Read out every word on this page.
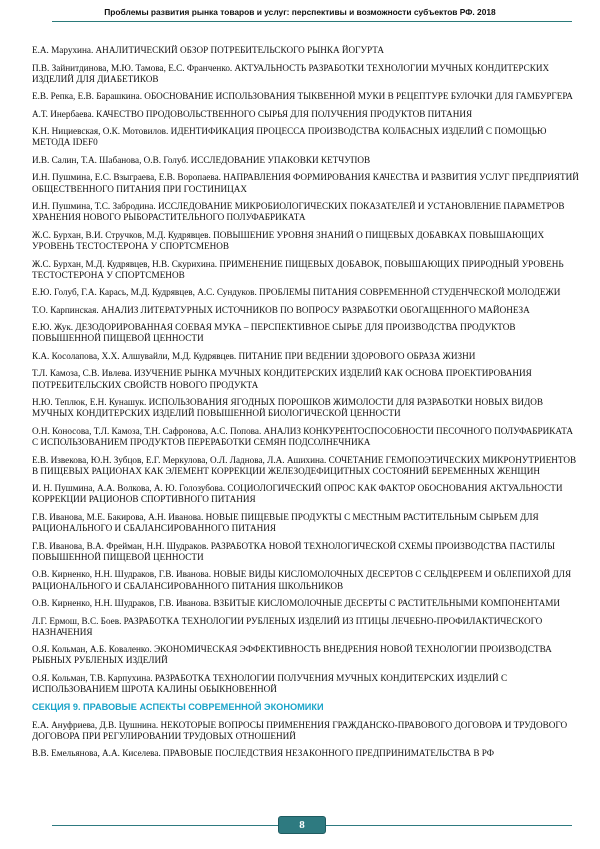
Проблемы развития рынка товаров и услуг: перспективы и возможности субъектов РФ. 2018
Е.А. Марухина. АНАЛИТИЧЕСКИЙ ОБЗОР ПОТРЕБИТЕЛЬСКОГО РЫНКА ЙОГУРТА
П.В. Зайнитдинова, М.Ю. Тамова, Е.С. Франченко. АКТУАЛЬНОСТЬ РАЗРАБОТКИ ТЕХНОЛОГИИ МУЧНЫХ КОНДИТЕРСКИХ ИЗДЕЛИЙ ДЛЯ ДИАБЕТИКОВ
Е.В. Репка, Е.В. Барашкина. ОБОСНОВАНИЕ ИСПОЛЬЗОВАНИЯ ТЫКВЕННОЙ МУКИ В РЕЦЕПТУРЕ БУЛОЧКИ ДЛЯ ГАМБУРГЕРА
А.Т. Инербаева. КАЧЕСТВО ПРОДОВОЛЬСТВЕННОГО СЫРЬЯ ДЛЯ ПОЛУЧЕНИЯ ПРОДУКТОВ ПИТАНИЯ
К.Н. Нициевская, О.К. Мотовилов. ИДЕНТИФИКАЦИЯ ПРОЦЕССА ПРОИЗВОДСТВА КОЛБАСНЫХ ИЗДЕЛИЙ С ПОМОЩЬЮ МЕТОДА IDEF0
И.В. Салин, Т.А. Шабанова, О.В. Голуб. ИССЛЕДОВАНИЕ УПАКОВКИ КЕТЧУПОВ
И.Н. Пушмина, Е.С. Взыграева, Е.В. Воропаева. НАПРАВЛЕНИЯ ФОРМИРОВАНИЯ КАЧЕСТВА И РАЗВИТИЯ УСЛУГ ПРЕДПРИЯТИЙ ОБЩЕСТВЕННОГО ПИТАНИЯ ПРИ ГОСТИНИЦАХ
И.Н. Пушмина, Т.С. Забродина. ИССЛЕДОВАНИЕ МИКРОБИОЛОГИЧЕСКИХ ПОКАЗАТЕЛЕЙ И УСТАНОВЛЕНИЕ ПАРАМЕТРОВ ХРАНЕНИЯ НОВОГО РЫБОРАСТИТЕЛЬНОГО ПОЛУФАБРИКАТА
Ж.С. Бурхан, В.И. Стручков, М.Д. Кудрявцев. ПОВЫШЕНИЕ УРОВНЯ ЗНАНИЙ О ПИЩЕВЫХ ДОБАВКАХ ПОВЫШАЮЩИХ УРОВЕНЬ ТЕСТОСТЕРОНА У СПОРТСМЕНОВ
Ж.С. Бурхан, М.Д. Кудрявцев, Н.В. Скурихина. ПРИМЕНЕНИЕ ПИЩЕВЫХ ДОБАВОК, ПОВЫШАЮЩИХ ПРИРОДНЫЙ УРОВЕНЬ ТЕСТОСТЕРОНА У СПОРТСМЕНОВ
Е.Ю. Голуб, Г.А. Карась, М.Д. Кудрявцев, А.С. Сундуков. ПРОБЛЕМЫ ПИТАНИЯ СОВРЕМЕННОЙ СТУДЕНЧЕСКОЙ МОЛОДЕЖИ
Т.О. Карпинская. АНАЛИЗ ЛИТЕРАТУРНЫХ ИСТОЧНИКОВ ПО ВОПРОСУ РАЗРАБОТКИ ОБОГАЩЕННОГО МАЙОНЕЗА
Е.Ю. Жук. ДЕЗОДОРИРОВАННАЯ СОЕВАЯ МУКА – ПЕРСПЕКТИВНОЕ СЫРЬЕ ДЛЯ ПРОИЗВОДСТВА ПРОДУКТОВ ПОВЫШЕННОЙ ПИЩЕВОЙ ЦЕННОСТИ
К.А. Косолапова, Х.Х. Алшувайли, М.Д. Кудрявцев. ПИТАНИЕ ПРИ ВЕДЕНИИ ЗДОРОВОГО ОБРАЗА ЖИЗНИ
Т.Л. Камоза, С.В. Ивлева. ИЗУЧЕНИЕ РЫНКА МУЧНЫХ КОНДИТЕРСКИХ ИЗДЕЛИЙ КАК ОСНОВА ПРОЕКТИРОВАНИЯ ПОТРЕБИТЕЛЬСКИХ СВОЙСТВ НОВОГО ПРОДУКТА
Н.Ю. Теплюк, Е.Н. Кунашук. ИСПОЛЬЗОВАНИЯ ЯГОДНЫХ ПОРОШКОВ ЖИМОЛОСТИ ДЛЯ РАЗРАБОТКИ НОВЫХ ВИДОВ МУЧНЫХ КОНДИТЕРСКИХ ИЗДЕЛИЙ ПОВЫШЕННОЙ БИОЛОГИЧЕСКОЙ ЦЕННОСТИ
О.Н. Коносова, Т.Л. Камоза, Т.Н. Сафронова, А.С. Попова. АНАЛИЗ КОНКУРЕНТОСПОСОБНОСТИ ПЕСОЧНОГО ПОЛУФАБРИКАТА С ИСПОЛЬЗОВАНИЕМ ПРОДУКТОВ ПЕРЕРАБОТКИ СЕМЯН ПОДСОЛНЕЧНИКА
Е.В. Извекова, Ю.Н. Зубцов, Е.Г. Меркулова, О.Л. Ладнова, Л.А. Ашихина. СОЧЕТАНИЕ ГЕМОПОЭТИЧЕСКИХ МИКРОНУТРИЕНТОВ В ПИЩЕВЫХ РАЦИОНАХ КАК ЭЛЕМЕНТ КОРРЕКЦИИ ЖЕЛЕЗОДЕФИЦИТНЫХ СОСТОЯНИЙ БЕРЕМЕННЫХ ЖЕНЩИН
И. Н. Пушмина, А.А. Волкова, А. Ю. Голозубова. СОЦИОЛОГИЧЕСКИЙ ОПРОС КАК ФАКТОР ОБОСНОВАНИЯ АКТУАЛЬНОСТИ КОРРЕКЦИИ РАЦИОНОВ СПОРТИВНОГО ПИТАНИЯ
Г.В. Иванова, М.Е. Бакирова, А.Н. Иванова. НОВЫЕ ПИЩЕВЫЕ ПРОДУКТЫ С МЕСТНЫМ РАСТИТЕЛЬНЫМ СЫРЬЕМ ДЛЯ РАЦИОНАЛЬНОГО И СБАЛАНСИРОВАННОГО ПИТАНИЯ
Г.В. Иванова, В.А. Фрейман, Н.Н. Шудраков. РАЗРАБОТКА НОВОЙ ТЕХНОЛОГИЧЕСКОЙ СХЕМЫ ПРОИЗВОДСТВА ПАСТИЛЫ ПОВЫШЕННОЙ ПИЩЕВОЙ ЦЕННОСТИ
О.В. Кирненко, Н.Н. Шудраков, Г.В. Иванова. НОВЫЕ ВИДЫ КИСЛОМОЛОЧНЫХ ДЕСЕРТОВ С СЕЛЬДЕРЕЕМ И ОБЛЕПИХОЙ ДЛЯ РАЦИОНАЛЬНОГО И СБАЛАНСИРОВАННОГО ПИТАНИЯ ШКОЛЬНИКОВ
О.В. Кирненко, Н.Н. Шудраков, Г.В. Иванова. ВЗБИТЫЕ КИСЛОМОЛОЧНЫЕ ДЕСЕРТЫ С РАСТИТЕЛЬНЫМИ КОМПОНЕНТАМИ
Л.Г. Ермош, В.С. Боев. РАЗРАБОТКА ТЕХНОЛОГИИ РУБЛЕНЫХ ИЗДЕЛИЙ ИЗ ПТИЦЫ ЛЕЧЕБНО-ПРОФИЛАКТИЧЕСКОГО НАЗНАЧЕНИЯ
О.Я. Кольман, А.Б. Коваленко. ЭКОНОМИЧЕСКАЯ ЭФФЕКТИВНОСТЬ ВНЕДРЕНИЯ НОВОЙ ТЕХНОЛОГИИ ПРОИЗВОДСТВА РЫБНЫХ РУБЛЕНЫХ ИЗДЕЛИЙ
О.Я. Кольман, Т.В. Карпухина. РАЗРАБОТКА ТЕХНОЛОГИИ ПОЛУЧЕНИЯ МУЧНЫХ КОНДИТЕРСКИХ ИЗДЕЛИЙ С ИСПОЛЬЗОВАНИЕМ ШРОТА КАЛИНЫ ОБЫКНОВЕННОЙ
СЕКЦИЯ 9. ПРАВОВЫЕ АСПЕКТЫ СОВРЕМЕННОЙ ЭКОНОМИКИ
Е.А. Ануфриева, Д.В. Цушнина. НЕКОТОРЫЕ ВОПРОСЫ ПРИМЕНЕНИЯ ГРАЖДАНСКО-ПРАВОВОГО ДОГОВОРА И ТРУДОВОГО ДОГОВОРА ПРИ РЕГУЛИРОВАНИИ ТРУДОВЫХ ОТНОШЕНИЙ
В.В. Емельянова, А.А. Киселева. ПРАВОВЫЕ ПОСЛЕДСТВИЯ НЕЗАКОННОГО ПРЕДПРИНИМАТЕЛЬСТВА В РФ
8
